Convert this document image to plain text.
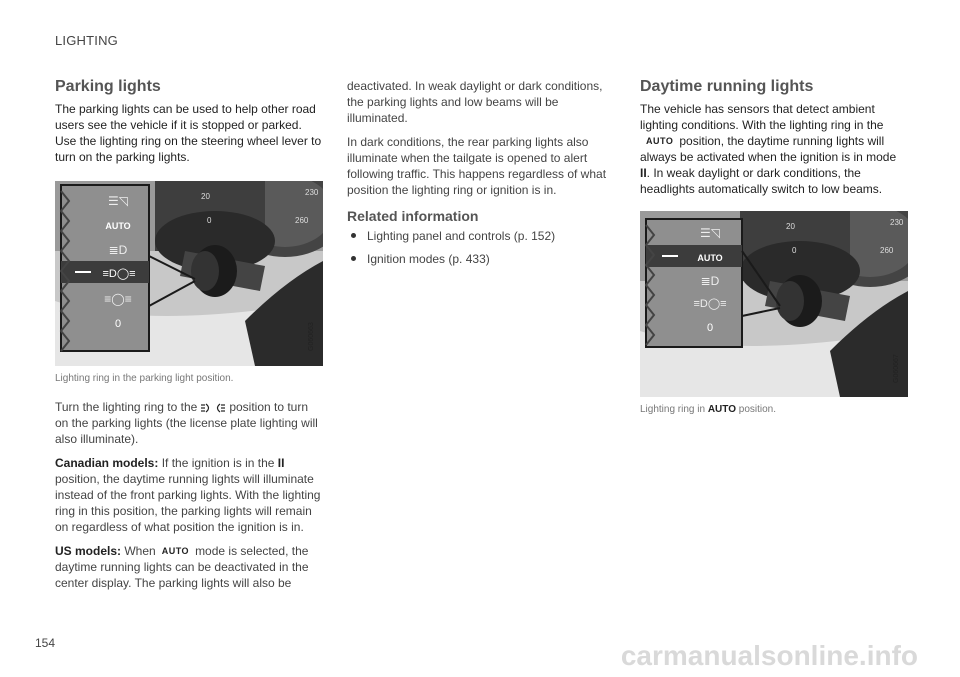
LIGHTING
Parking lights

The parking lights can be used to help other road users see the vehicle if it is stopped or parked. Use the lighting ring on the steering wheel lever to turn on the parking lights.

☰◹
AUTO
≣D
≡D◯≡
≡◯≡
0
20	230
260
0
G060663
Lighting ring in the parking light position.

Turn the lighting ring to the	position to turn on the parking lights (the license plate lighting will also illuminate).

Canadian models: If the ignition is in the II position, the daytime running lights will illuminate instead of the front parking lights. With the lighting ring in this position, the parking lights will remain on regardless of what position the ignition is in.

US models: When AUTO mode is selected, the daytime running lights can be deactivated in the center display. The parking lights will also be

deactivated. In weak daylight or dark conditions, the parking lights and low beams will be illuminated.

In dark conditions, the rear parking lights also illuminate when the tailgate is opened to alert following traffic. This happens regardless of what position the lighting ring or ignition is in.

Related information
Lighting panel and controls (p. 152)
Ignition modes (p. 433)
Daytime running lights

The vehicle has sensors that detect ambient lighting conditions. With the lighting ring in theAUTO position, the daytime running lights will always be activated when the ignition is in mode II. In weak daylight or dark conditions, the headlights automatically switch to low beams.

☰◹
AUTO
≣D
≡D◯≡
0
20	230
260
0
G060667
Lighting ring in AUTO position.
154	carmanualsonline.info
